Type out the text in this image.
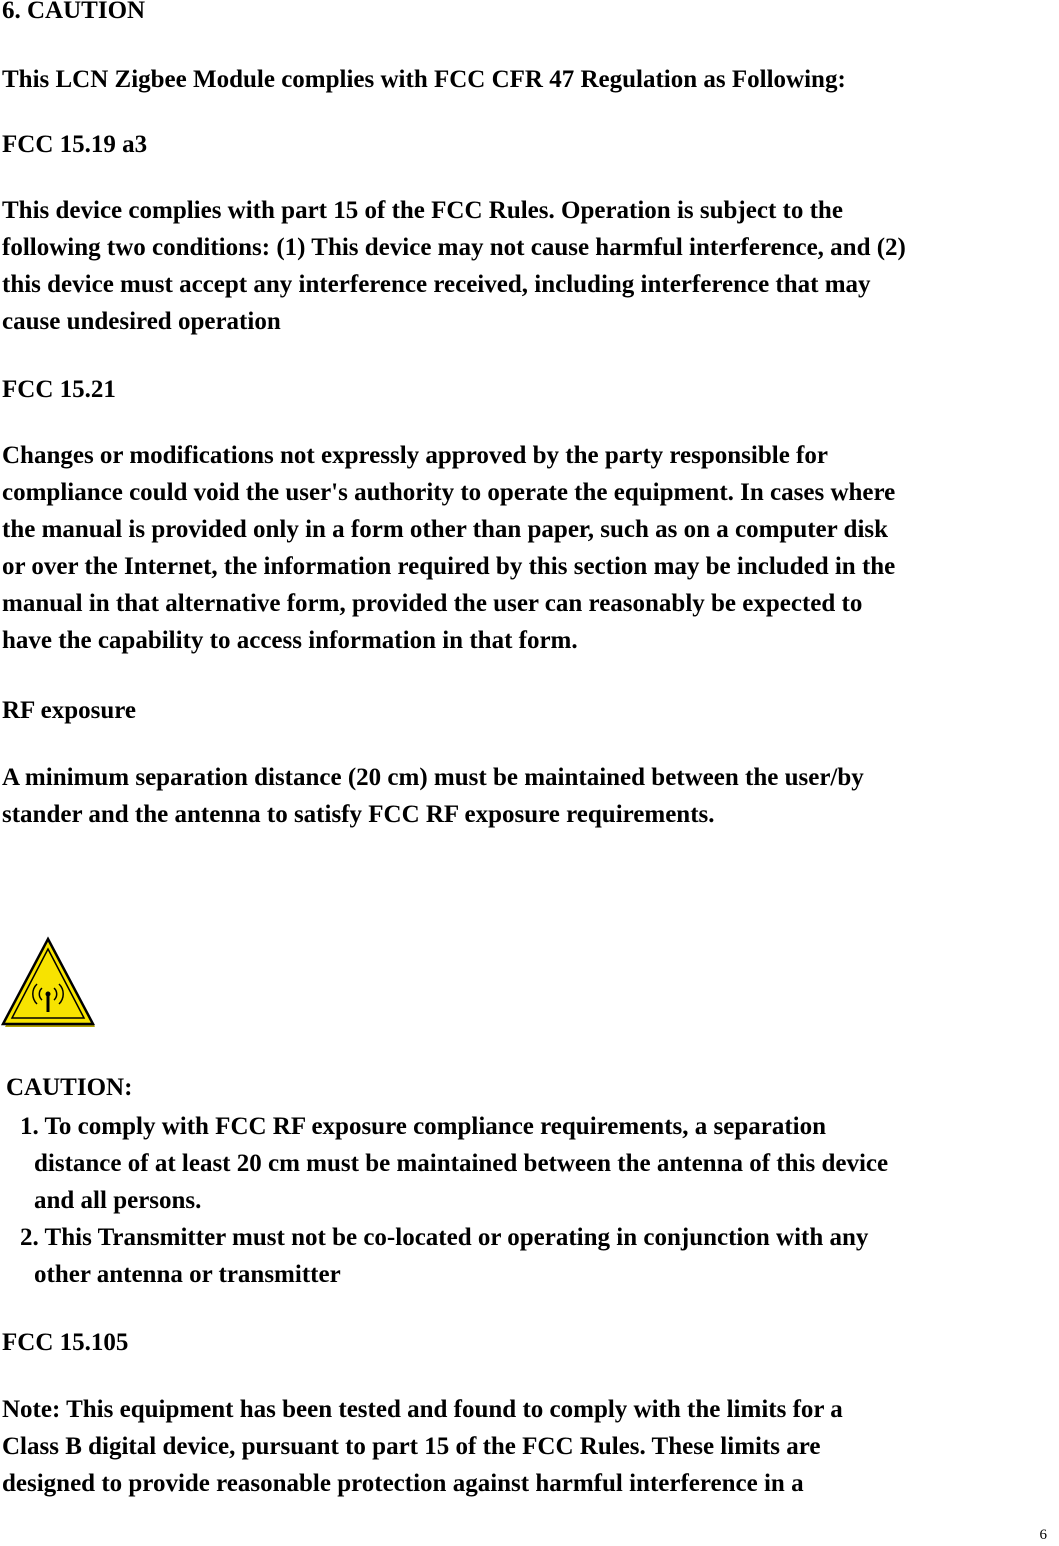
6. CAUTION

This LCN Zigbee Module complies with FCC CFR 47 Regulation as Following:

FCC 15.19 a3

This device complies with part 15 of the FCC Rules. Operation is subject to the
following two conditions: (1) This device may not cause harmful interference, and (2)
this device must accept any interference received, including interference that may
cause undesired operation

FCC 15.21

Changes or modifications not expressly approved by the party responsible for
compliance could void the user's authority to operate the equipment. In cases where
the manual is provided only in a form other than paper, such as on a computer disk
or over the Internet, the information required by this section may be included in the
manual in that alternative form, provided the user can reasonably be expected to
have the capability to access information in that form.

RF exposure

A minimum separation distance (20 cm) must be maintained between the user/by
stander and the antenna to satisfy FCC RF exposure requirements.

CAUTION:

1. To comply with FCC RF exposure compliance requirements, a separation
distance of at least 20 cm must be maintained between the antenna of this device
and all persons.
2. This Transmitter must not be co-located or operating in conjunction with any
other antenna or transmitter

FCC 15.105

Note: This equipment has been tested and found to comply with the limits for a
Class B digital device, pursuant to part 15 of the FCC Rules. These limits are
designed to provide reasonable protection against harmful interference in a
6
